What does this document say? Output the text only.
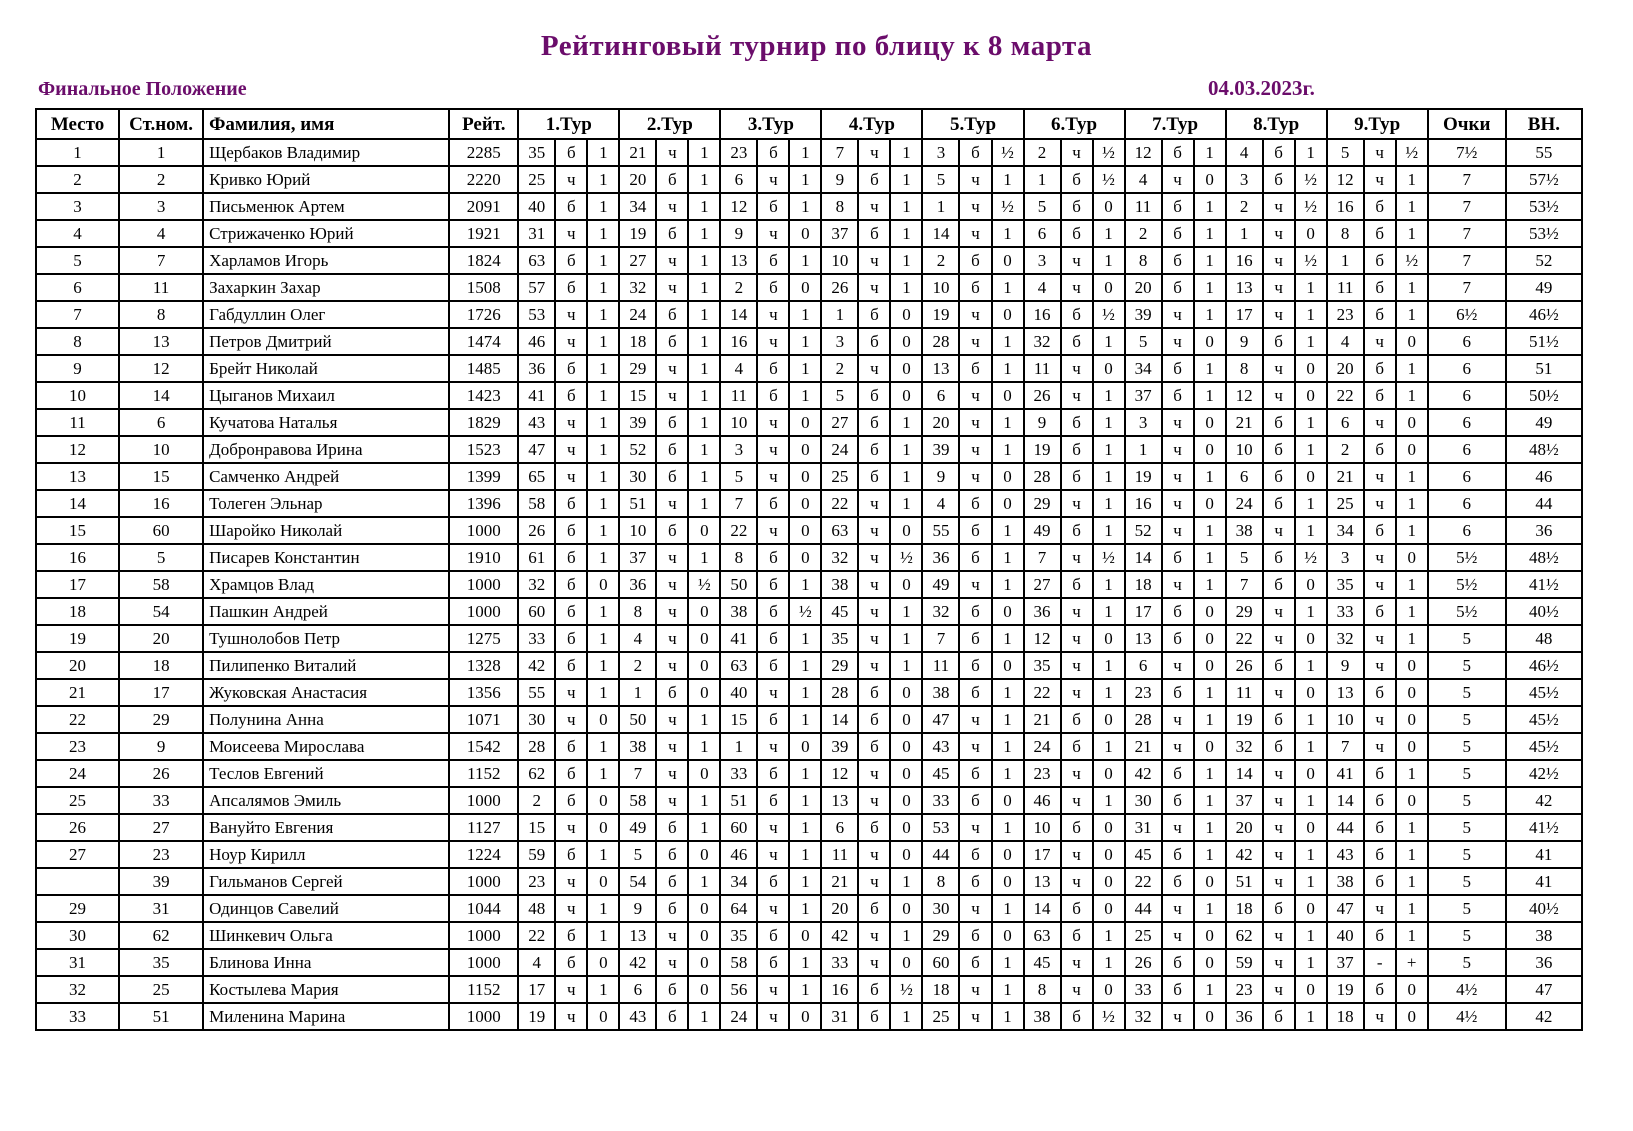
Рейтинговый турнир по блицу к 8 марта
Финальное Положение	04.03.2023г.
Место	Ст.ном.	Фамилия, имя	Рейт.	1.Тур			2.Тур			3.Тур			4.Тур			5.Тур			6.Тур			7.Тур			8.Тур			9.Тур			Очки	ВН.
1	1	Щербаков Владимир	2285	35	б	1	21	ч	1	23	б	1	7	ч	1	3	б	½	2	ч	½	12	б	1	4	б	1	5	ч	½	7½	55
2	2	Кривко Юрий	2220	25	ч	1	20	б	1	6	ч	1	9	б	1	5	ч	1	1	б	½	4	ч	0	3	б	½	12	ч	1	7	57½
3	3	Письменюк Артем	2091	40	б	1	34	ч	1	12	б	1	8	ч	1	1	ч	½	5	б	0	11	б	1	2	ч	½	16	б	1	7	53½
4	4	Стрижаченко Юрий	1921	31	ч	1	19	б	1	9	ч	0	37	б	1	14	ч	1	6	б	1	2	б	1	1	ч	0	8	б	1	7	53½
5	7	Харламов Игорь	1824	63	б	1	27	ч	1	13	б	1	10	ч	1	2	б	0	3	ч	1	8	б	1	16	ч	½	1	б	½	7	52
6	11	Захаркин Захар	1508	57	б	1	32	ч	1	2	б	0	26	ч	1	10	б	1	4	ч	0	20	б	1	13	ч	1	11	б	1	7	49
7	8	Габдуллин Олег	1726	53	ч	1	24	б	1	14	ч	1	1	б	0	19	ч	0	16	б	½	39	ч	1	17	ч	1	23	б	1	6½	46½
8	13	Петров Дмитрий	1474	46	ч	1	18	б	1	16	ч	1	3	б	0	28	ч	1	32	б	1	5	ч	0	9	б	1	4	ч	0	6	51½
9	12	Брейт Николай	1485	36	б	1	29	ч	1	4	б	1	2	ч	0	13	б	1	11	ч	0	34	б	1	8	ч	0	20	б	1	6	51
10	14	Цыганов Михаил	1423	41	б	1	15	ч	1	11	б	1	5	б	0	6	ч	0	26	ч	1	37	б	1	12	ч	0	22	б	1	6	50½
11	6	Кучатова Наталья	1829	43	ч	1	39	б	1	10	ч	0	27	б	1	20	ч	1	9	б	1	3	ч	0	21	б	1	6	ч	0	6	49
12	10	Добронравова Ирина	1523	47	ч	1	52	б	1	3	ч	0	24	б	1	39	ч	1	19	б	1	1	ч	0	10	б	1	2	б	0	6	48½
13	15	Самченко Андрей	1399	65	ч	1	30	б	1	5	ч	0	25	б	1	9	ч	0	28	б	1	19	ч	1	6	б	0	21	ч	1	6	46
14	16	Толеген Эльнар	1396	58	б	1	51	ч	1	7	б	0	22	ч	1	4	б	0	29	ч	1	16	ч	0	24	б	1	25	ч	1	6	44
15	60	Шаройко Николай	1000	26	б	1	10	б	0	22	ч	0	63	ч	0	55	б	1	49	б	1	52	ч	1	38	ч	1	34	б	1	6	36
16	5	Писарев Константин	1910	61	б	1	37	ч	1	8	б	0	32	ч	½	36	б	1	7	ч	½	14	б	1	5	б	½	3	ч	0	5½	48½
17	58	Храмцов Влад	1000	32	б	0	36	ч	½	50	б	1	38	ч	0	49	ч	1	27	б	1	18	ч	1	7	б	0	35	ч	1	5½	41½
18	54	Пашкин Андрей	1000	60	б	1	8	ч	0	38	б	½	45	ч	1	32	б	0	36	ч	1	17	б	0	29	ч	1	33	б	1	5½	40½
19	20	Тушнолобов Петр	1275	33	б	1	4	ч	0	41	б	1	35	ч	1	7	б	1	12	ч	0	13	б	0	22	ч	0	32	ч	1	5	48
20	18	Пилипенко Виталий	1328	42	б	1	2	ч	0	63	б	1	29	ч	1	11	б	0	35	ч	1	6	ч	0	26	б	1	9	ч	0	5	46½
21	17	Жуковская Анастасия	1356	55	ч	1	1	б	0	40	ч	1	28	б	0	38	б	1	22	ч	1	23	б	1	11	ч	0	13	б	0	5	45½
22	29	Полунина Анна	1071	30	ч	0	50	ч	1	15	б	1	14	б	0	47	ч	1	21	б	0	28	ч	1	19	б	1	10	ч	0	5	45½
23	9	Моисеева Мирослава	1542	28	б	1	38	ч	1	1	ч	0	39	б	0	43	ч	1	24	б	1	21	ч	0	32	б	1	7	ч	0	5	45½
24	26	Теслов Евгений	1152	62	б	1	7	ч	0	33	б	1	12	ч	0	45	б	1	23	ч	0	42	б	1	14	ч	0	41	б	1	5	42½
25	33	Апсалямов Эмиль	1000	2	б	0	58	ч	1	51	б	1	13	ч	0	33	б	0	46	ч	1	30	б	1	37	ч	1	14	б	0	5	42
26	27	Вануйто Евгения	1127	15	ч	0	49	б	1	60	ч	1	6	б	0	53	ч	1	10	б	0	31	ч	1	20	ч	0	44	б	1	5	41½
27	23	Ноур Кирилл	1224	59	б	1	5	б	0	46	ч	1	11	ч	0	44	б	0	17	ч	0	45	б	1	42	ч	1	43	б	1	5	41
	39	Гильманов Сергей	1000	23	ч	0	54	б	1	34	б	1	21	ч	1	8	б	0	13	ч	0	22	б	0	51	ч	1	38	б	1	5	41
29	31	Одинцов Савелий	1044	48	ч	1	9	б	0	64	ч	1	20	б	0	30	ч	1	14	б	0	44	ч	1	18	б	0	47	ч	1	5	40½
30	62	Шинкевич Ольга	1000	22	б	1	13	ч	0	35	б	0	42	ч	1	29	б	0	63	б	1	25	ч	0	62	ч	1	40	б	1	5	38
31	35	Блинова Инна	1000	4	б	0	42	ч	0	58	б	1	33	ч	0	60	б	1	45	ч	1	26	б	0	59	ч	1	37	-	+	5	36
32	25	Костылева Мария	1152	17	ч	1	6	б	0	56	ч	1	16	б	½	18	ч	1	8	ч	0	33	б	1	23	ч	0	19	б	0	4½	47
33	51	Миленина Марина	1000	19	ч	0	43	б	1	24	ч	0	31	б	1	25	ч	1	38	б	½	32	ч	0	36	б	1	18	ч	0	4½	42
